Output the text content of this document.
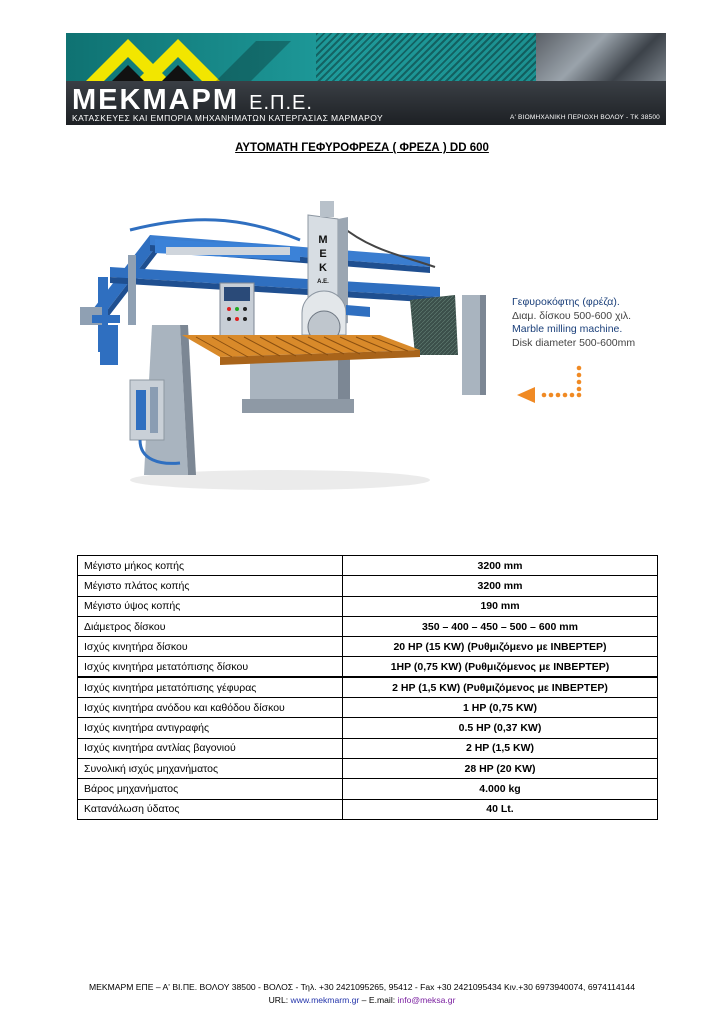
ΜΕΚΜΑΡΜ Ε.Π.Ε.
ΚΑΤΑΣΚΕΥΕΣ ΚΑΙ ΕΜΠΟΡΙΑ ΜΗΧΑΝΗΜΑΤΩΝ ΚΑΤΕΡΓΑΣΙΑΣ ΜΑΡΜΑΡΟΥ	Α' ΒΙΟΜΗΧΑΝΙΚΗ ΠΕΡΙΟΧΗ ΒΟΛΟΥ - ΤΚ 38500
ΑΥΤΟΜΑΤΗ ΓΕΦΥΡΟΦΡΕΖΑ ( ΦΡΕΖΑ ) DD 600
Μ
Ε
Κ
Α.Ε.
Γεφυροκόφτης (φρέζα).
Διαμ. δίσκου 500-600 χιλ.
Marble milling machine.
Disk diameter 500-600mm
Μέγιστο μήκος κοπής	3200 mm
Μέγιστο πλάτος κοπής	3200 mm
Μέγιστο ύψος κοπής	190 mm
Διάμετρος δίσκου	350 – 400 – 450 – 500 – 600 mm
Ισχύς κινητήρα δίσκου	20 HP (15 KW) (Ρυθμιζόμενο με INBEPTEP)
Ισχύς κινητήρα μετατόπισης δίσκου	1HP (0,75 KW) (Ρυθμιζόμενος με INBEPTEP)
Ισχύς κινητήρα μετατόπισης γέφυρας	2 HP (1,5 KW) (Ρυθμιζόμενος με INBEPTEP)
Ισχύς κινητήρα ανόδου και καθόδου δίσκου	1 HP (0,75 KW)
Ισχύς κινητήρα αντιγραφής	0.5 HP (0,37 KW)
Ισχύς κινητήρα αντλίας βαγονιού	2 HP (1,5 KW)
Συνολική ισχύς μηχανήματος	28 HP (20 KW)
Βάρος μηχανήματος	4.000 kg
Κατανάλωση ύδατος	40 Lt.
ΜΕΚΜΑΡΜ ΕΠΕ – Α' ΒΙ.ΠΕ. ΒΟΛΟΥ 38500 - ΒΟΛΟΣ - Τηλ. +30 2421095265, 95412 - Fax +30 2421095434 Κιν.+30 6973940074, 6974114144
URL: www.mekmarm.gr – E.mail: info@meksa.gr
